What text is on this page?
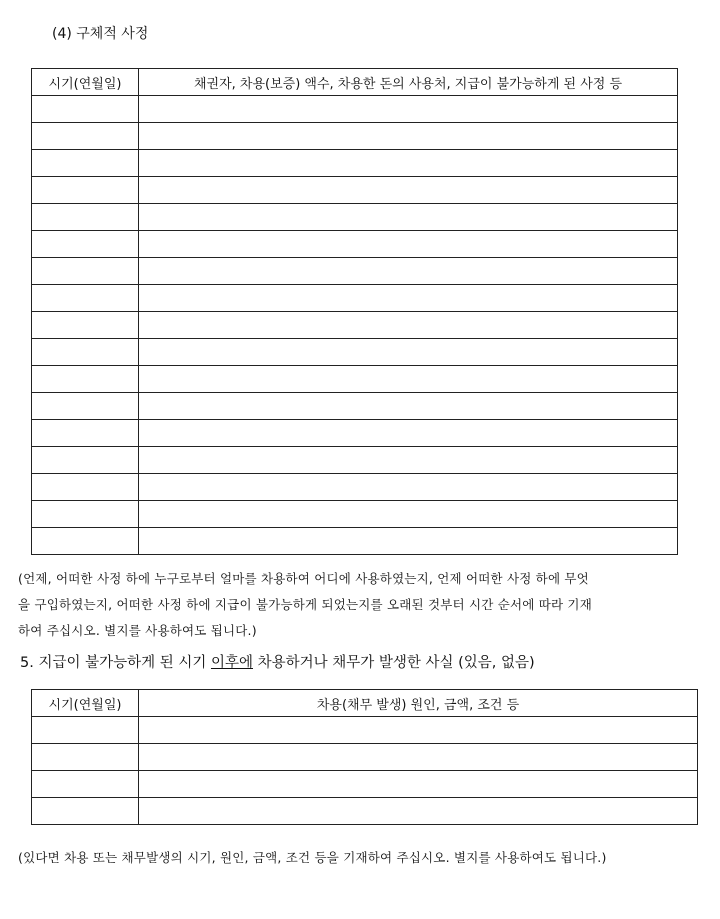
(4) 구체적 사정
시기(연월일)	채권자, 차용(보증) 액수, 차용한 돈의 사용처, 지급이 불가능하게 된 사정 등

(언제, 어떠한 사정 하에 누구로부터 얼마를 차용하여 어디에 사용하였는지, 언제 어떠한 사정 하에 무엇

을 구입하였는지, 어떠한 사정 하에 지급이 불가능하게 되었는지를 오래된 것부터 시간 순서에 따라 기재

하여 주십시오. 별지를 사용하여도 됩니다.)

5. 지급이 불가능하게 된 시기 이후에 차용하거나 채무가 발생한 사실 (있음, 없음)
시기(연월일)	차용(채무 발생) 원인, 금액, 조건 등

(있다면 차용 또는 채무발생의 시기, 원인, 금액, 조건 등을 기재하여 주십시오. 별지를 사용하여도 됩니다.)
